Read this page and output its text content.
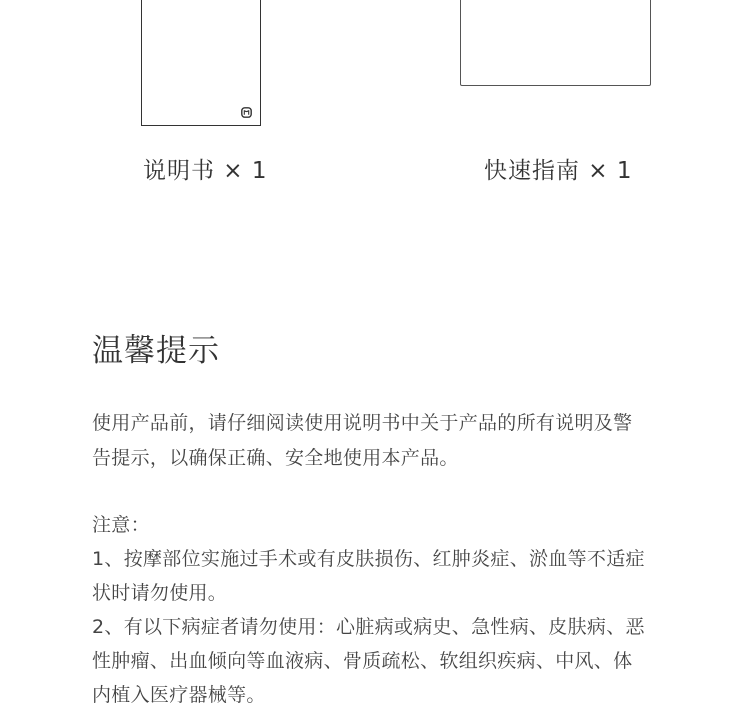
说明书 × 1	快速指南 × 1
温馨提示
使用产品前，请仔细阅读使用说明书中关于产品的所有说明及警
告提示，以确保正确、安全地使用本产品。
注意：
1、按摩部位实施过手术或有皮肤损伤、红肿炎症、淤血等不适症
状时请勿使用。
2、有以下病症者请勿使用：心脏病或病史、急性病、皮肤病、恶
性肿瘤、出血倾向等血液病、骨质疏松、软组织疾病、中风、体
内植入医疗器械等。
